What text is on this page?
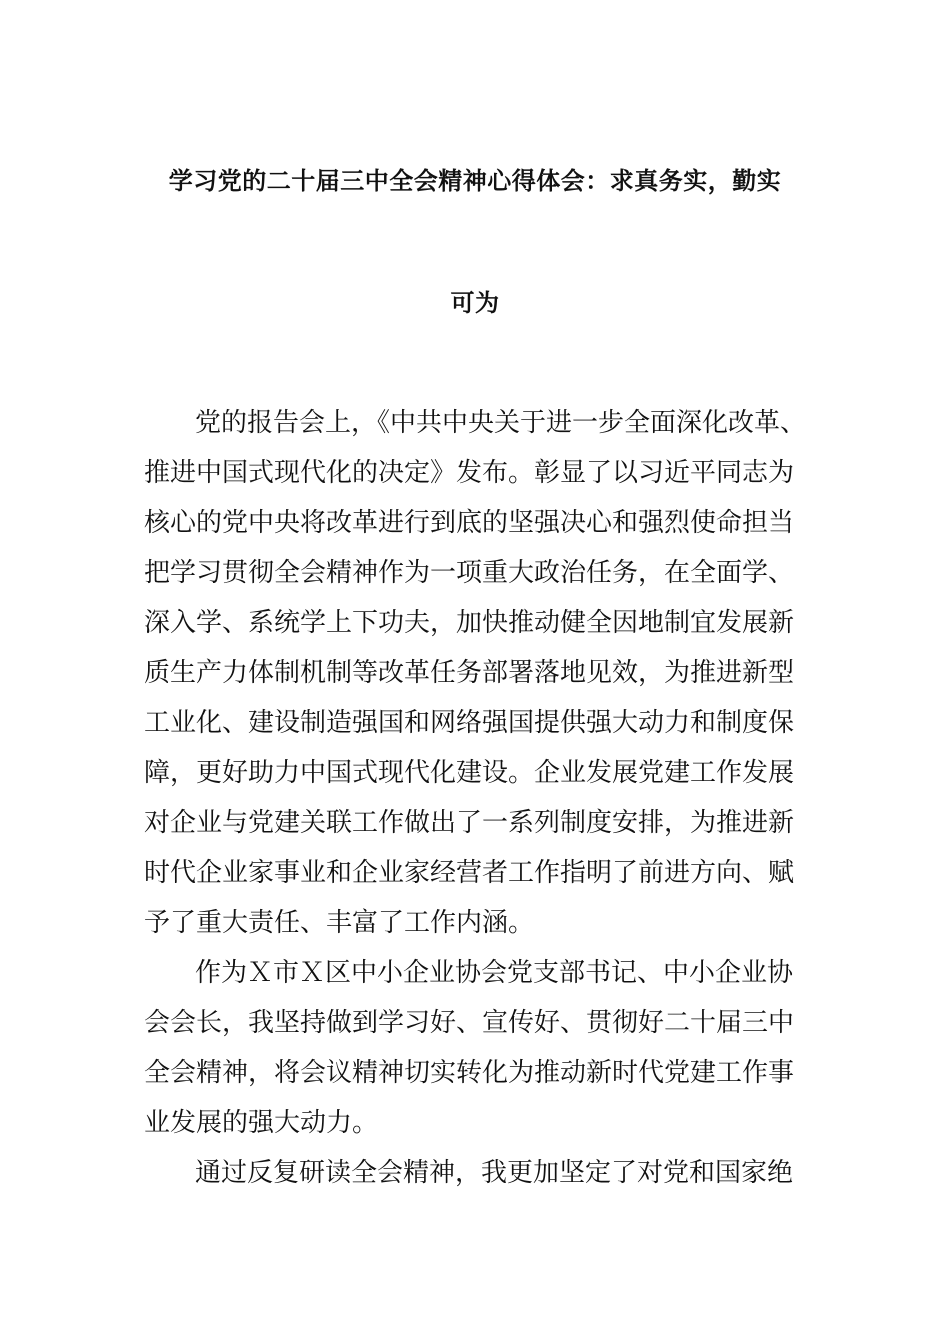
学习党的二十届三中全会精神心得体会：求真务实，勤实
可为
党的报告会上，《中共中央关于进一步全面深化改革、
推进中国式现代化的决定》发布。彰显了以习近平同志为
核心的党中央将改革进行到底的坚强决心和强烈使命担当
把学习贯彻全会精神作为一项重大政治任务，在全面学、
深入学、系统学上下功夫，加快推动健全因地制宜发展新
质生产力体制机制等改革任务部署落地见效，为推进新型
工业化、建设制造强国和网络强国提供强大动力和制度保
障，更好助力中国式现代化建设。企业发展党建工作发展
对企业与党建关联工作做出了一系列制度安排，为推进新
时代企业家事业和企业家经营者工作指明了前进方向、赋
予了重大责任、丰富了工作内涵。
作为Ｘ市Ｘ区中小企业协会党支部书记、中小企业协
会会长，我坚持做到学习好、宣传好、贯彻好二十届三中
全会精神，将会议精神切实转化为推动新时代党建工作事
业发展的强大动力。
通过反复研读全会精神，我更加坚定了对党和国家绝
